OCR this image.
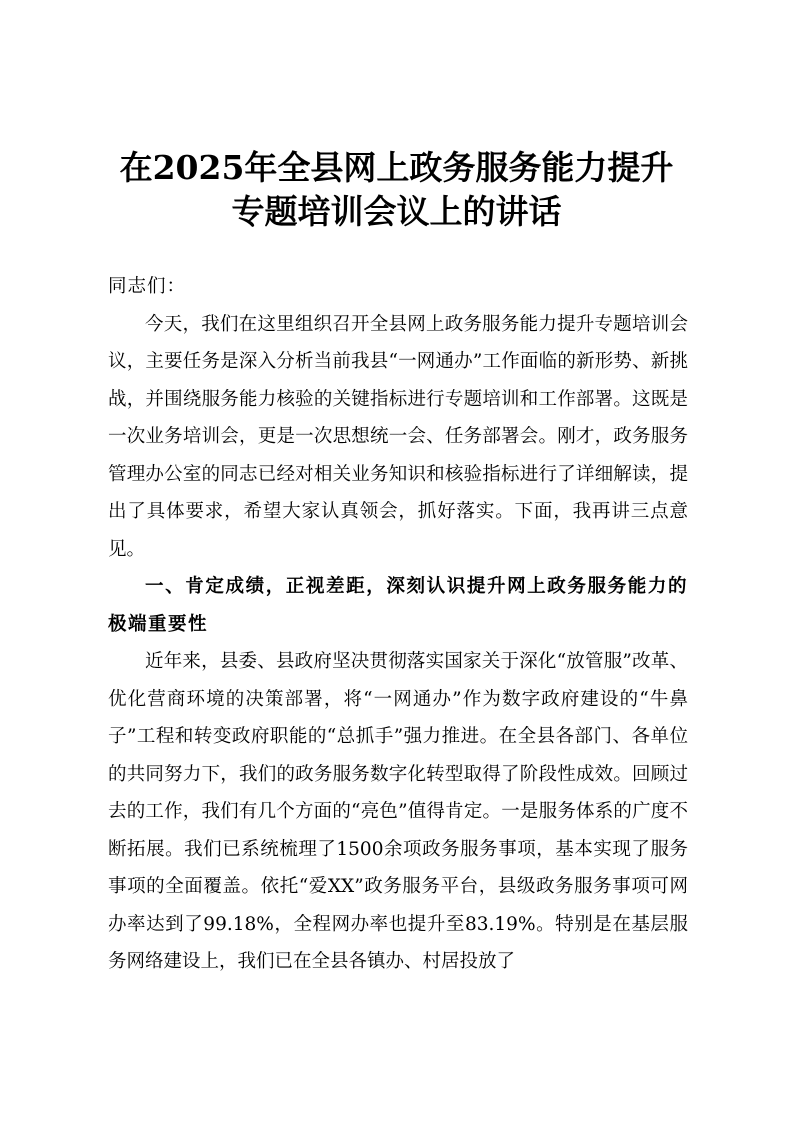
在2025年全县网上政务服务能力提升
专题培训会议上的讲话

同志们：

今天，我们在这里组织召开全县网上政务服务能力提升专题培训会议，主要任务是深入分析当前我县“一网通办”工作面临的新形势、新挑战，并围绕服务能力核验的关键指标进行专题培训和工作部署。这既是一次业务培训会，更是一次思想统一会、任务部署会。刚才，政务服务管理办公室的同志已经对相关业务知识和核验指标进行了详细解读，提出了具体要求，希望大家认真领会，抓好落实。下面，我再讲三点意见。

一、肯定成绩，正视差距，深刻认识提升网上政务服务能力的极端重要性

近年来，县委、县政府坚决贯彻落实国家关于深化“放管服”改革、优化营商环境的决策部署，将“一网通办”作为数字政府建设的“牛鼻子”工程和转变政府职能的“总抓手”强力推进。在全县各部门、各单位的共同努力下，我们的政务服务数字化转型取得了阶段性成效。回顾过去的工作，我们有几个方面的“亮色”值得肯定。一是服务体系的广度不断拓展。我们已系统梳理了1500余项政务服务事项，基本实现了服务事项的全面覆盖。依托“爱XX”政务服务平台，县级政务服务事项可网办率达到了99.18%，全程网办率也提升至83.19%。特别是在基层服务网络建设上，我们已在全县各镇办、村居投放了
